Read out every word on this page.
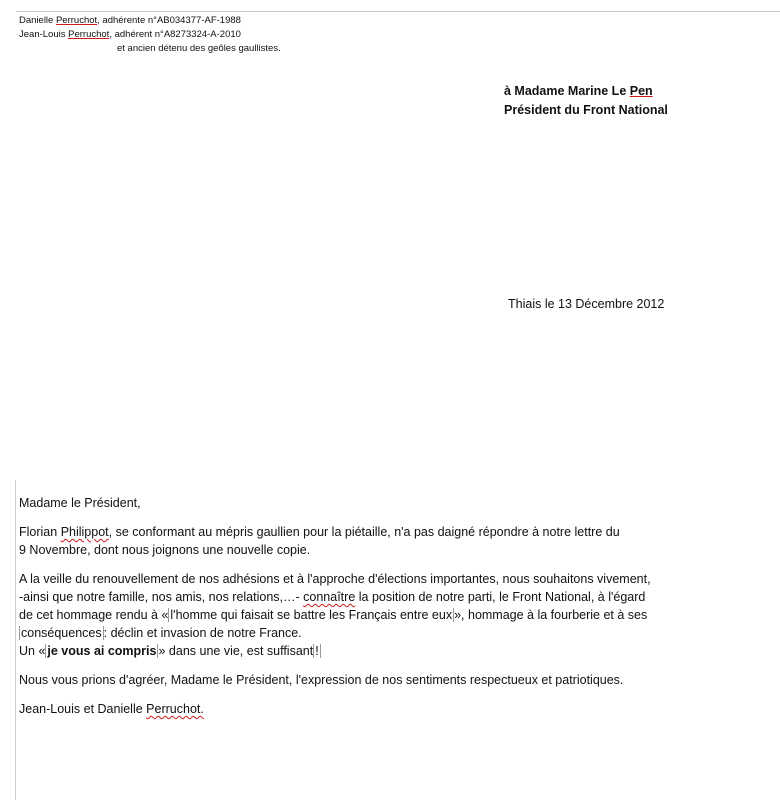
Danielle Perruchot, adhérente n°AB034377-AF-1988
Jean-Louis Perruchot, adhérent n°A8273324-A-2010
et ancien détenu des geôles gaullistes.
à Madame Marine Le Pen
Président du Front National
Thiais le 13 Décembre 2012

Madame le Président,

Florian Philippot, se conformant au mépris gaullien pour la piétaille, n'a pas daigné répondre à notre lettre du
9 Novembre, dont nous joignons une nouvelle copie.

A la veille du renouvellement de nos adhésions et à l'approche d'élections importantes, nous souhaitons vivement,
-ainsi que notre famille, nos amis, nos relations,…- connaître la position de notre parti, le Front National, à l'égard
de cet hommage rendu à « l'homme qui faisait se battre les Français entre eux », hommage à la fourberie et à ses
conséquences : déclin et invasion de notre France.
Un « je vous ai compris » dans une vie, est suffisant !

Nous vous prions d'agréer, Madame le Président, l'expression de nos sentiments respectueux et patriotiques.

Jean-Louis et Danielle Perruchot.
